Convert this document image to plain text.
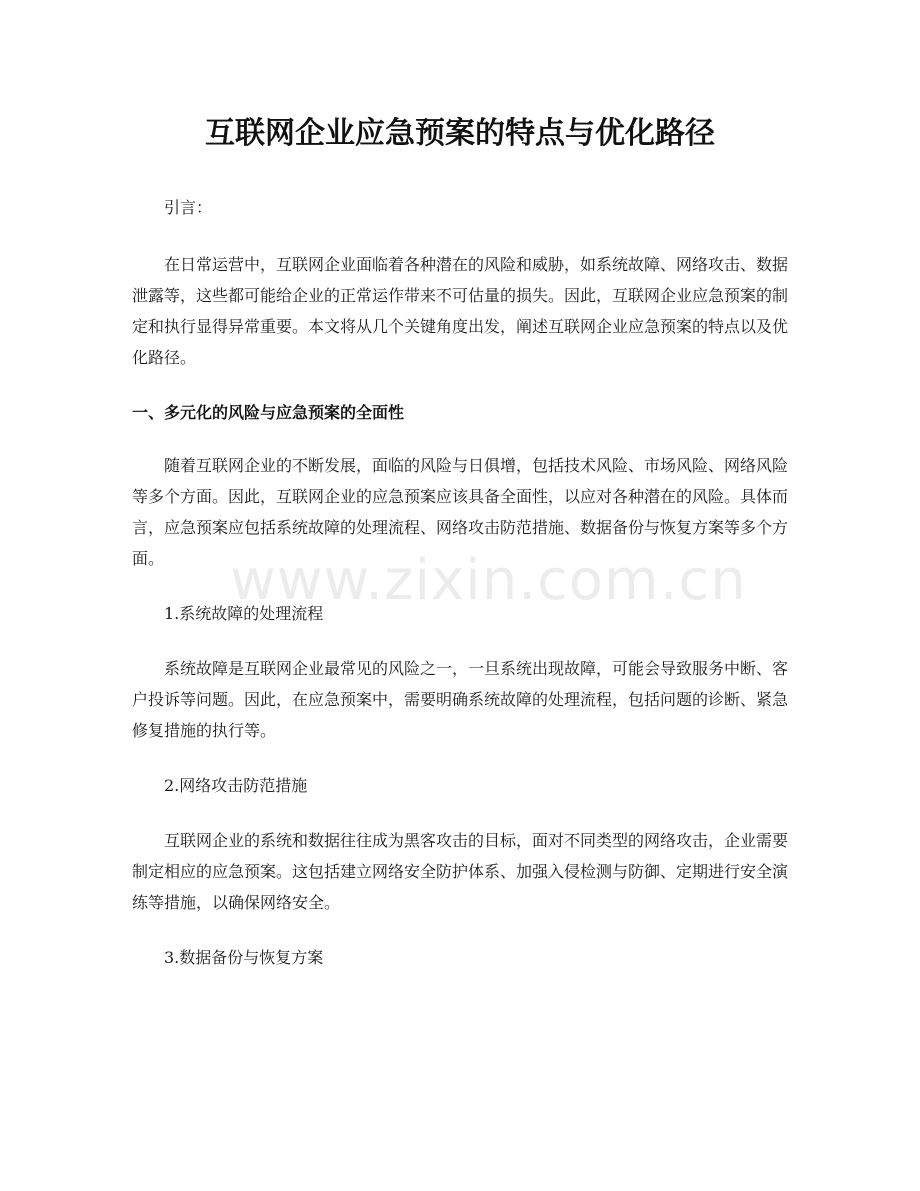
互联网企业应急预案的特点与优化路径

引言：

在日常运营中，互联网企业面临着各种潜在的风险和威胁，如系统故障、网络攻击、数据泄露等，这些都可能给企业的正常运作带来不可估量的损失。因此，互联网企业应急预案的制定和执行显得异常重要。本文将从几个关键角度出发，阐述互联网企业应急预案的特点以及优化路径。

一、多元化的风险与应急预案的全面性

随着互联网企业的不断发展，面临的风险与日俱增，包括技术风险、市场风险、网络风险等多个方面。因此，互联网企业的应急预案应该具备全面性，以应对各种潜在的风险。具体而言，应急预案应包括系统故障的处理流程、网络攻击防范措施、数据备份与恢复方案等多个方面。

1.系统故障的处理流程

系统故障是互联网企业最常见的风险之一，一旦系统出现故障，可能会导致服务中断、客户投诉等问题。因此，在应急预案中，需要明确系统故障的处理流程，包括问题的诊断、紧急修复措施的执行等。

2.网络攻击防范措施

互联网企业的系统和数据往往成为黑客攻击的目标，面对不同类型的网络攻击，企业需要制定相应的应急预案。这包括建立网络安全防护体系、加强入侵检测与防御、定期进行安全演练等措施，以确保网络安全。

3.数据备份与恢复方案

www.zixin.com.cn
